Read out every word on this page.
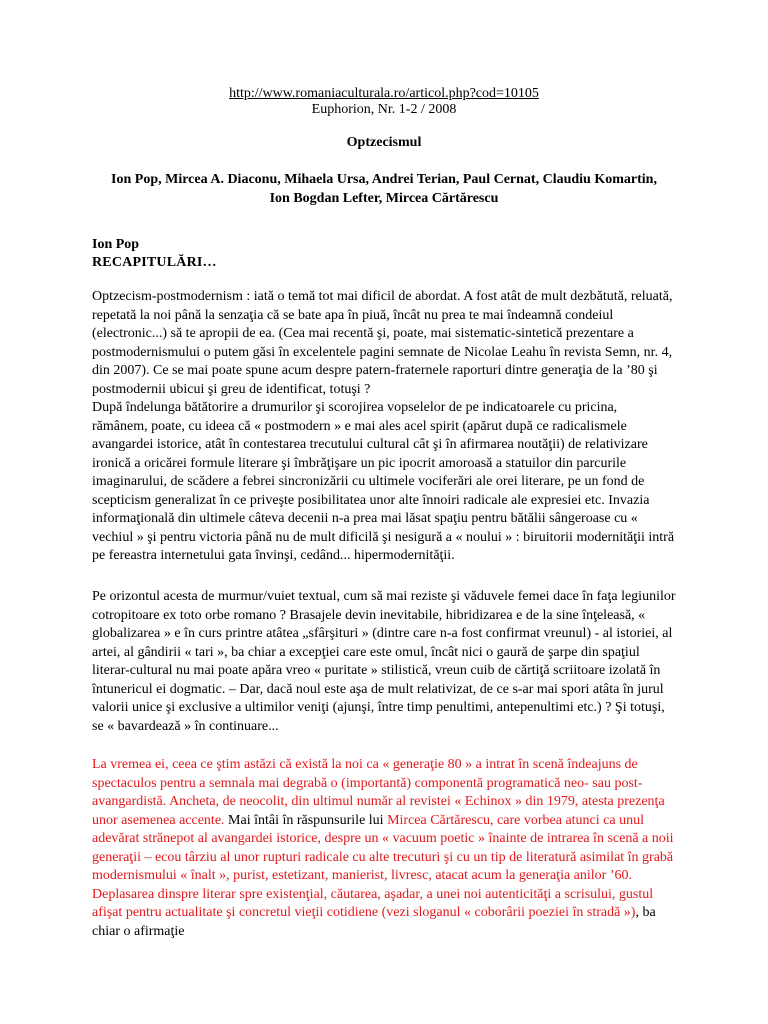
http://www.romaniaculturala.ro/articol.php?cod=10105
Euphorion, Nr. 1-2 / 2008
Optzecismul
Ion Pop, Mircea A. Diaconu, Mihaela Ursa, Andrei Terian, Paul Cernat, Claudiu Komartin, Ion Bogdan Lefter, Mircea Cărtărescu
Ion Pop
RECAPITULĂRI…
Optzecism-postmodernism : iată o temă tot mai dificil de abordat. A fost atât de mult dezbătută, reluată, repetată la noi până la senzaţia că se bate apa în piuă, încât nu prea te mai îndeamnă condeiul (electronic...) să te apropii de ea. (Cea mai recentă şi, poate, mai sistematic-sintetică prezentare a postmodernismului o putem găsi în excelentele pagini semnate de Nicolae Leahu în revista Semn, nr. 4, din 2007). Ce se mai poate spune acum despre patern-fraternele raporturi dintre generaţia de la ’80 şi postmodernii ubicui şi greu de identificat, totuşi ?
După îndelunga bătătorire a drumurilor şi scorojirea vopselelor de pe indicatoarele cu pricina, rămânem, poate, cu ideea că « postmodern » e mai ales acel spirit (apărut după ce radicalismele avangardei istorice, atât în contestarea trecutului cultural cât şi în afirmarea noutăţii) de relativizare ironică a oricărei formule literare şi îmbrăţişare un pic ipocrit amoroasă a statuilor din parcurile imaginarului, de scădere a febrei sincronizării cu ultimele vociferări ale orei literare, pe un fond de scepticism generalizat în ce priveşte posibilitatea unor alte înnoiri radicale ale expresiei etc. Invazia informaţională din ultimele câteva decenii n-a prea mai lăsat spaţiu pentru bătălii sângeroase cu « vechiul » şi pentru victoria până nu de mult dificilă şi nesigură a « noului » : biruitorii modernităţii intră pe fereastra internetului gata învinşi, cedând... hipermodernităţii.
Pe orizontul acesta de murmur/vuiet textual, cum să mai reziste şi văduvele femei dace în faţa legiunilor cotropitoare ex toto orbe romano ? Brasajele devin inevitabile, hibridizarea e de la sine înţeleasă, « globalizarea » e în curs printre atâtea „sfârşituri » (dintre care n-a fost confirmat vreunul) - al istoriei, al artei, al gândirii « tari », ba chiar a excepţiei care este omul, încât nici o gaură de şarpe din spaţiul literar-cultural nu mai poate apăra vreo « puritate » stilistică, vreun cuib de cărtiţă scriitoare izolată în întunericul ei dogmatic. – Dar, dacă noul este aşa de mult relativizat, de ce s-ar mai spori atâta în jurul valorii unice şi exclusive a ultimilor veniţi (ajunşi, între timp penultimi, antepenultimi etc.) ? Şi totuşi, se « bavardează » în continuare...
La vremea ei, ceea ce ştim astăzi că există la noi ca « generaţie 80 » a intrat în scenă îndeajuns de spectaculos pentru a semnala mai degrabă o (importantă) componentă programatică neo- sau post-avangardistă. Ancheta, de neocolit, din ultimul număr al revistei « Echinox » din 1979, atesta prezenţa unor asemenea accente. Mai întâi în răspunsurile lui Mircea Cărtărescu, care vorbea atunci ca unul adevărat strănepot al avangardei istorice, despre un « vacuum poetic » înainte de intrarea în scenă a noii generaţii – ecou târziu al unor rupturi radicale cu alte trecuturi şi cu un tip de literatură asimilat în grabă modernismului « înalt », purist, estetizant, manierist, livresc, atacat acum la generaţia anilor ’60. Deplasarea dinspre literar spre existenţial, căutarea, aşadar, a unei noi autenticităţi a scrisului, gustul afişat pentru actualitate şi concretul vieţii cotidiene (vezi sloganul « coborârii poeziei în stradă »), ba chiar o afirmaţie
